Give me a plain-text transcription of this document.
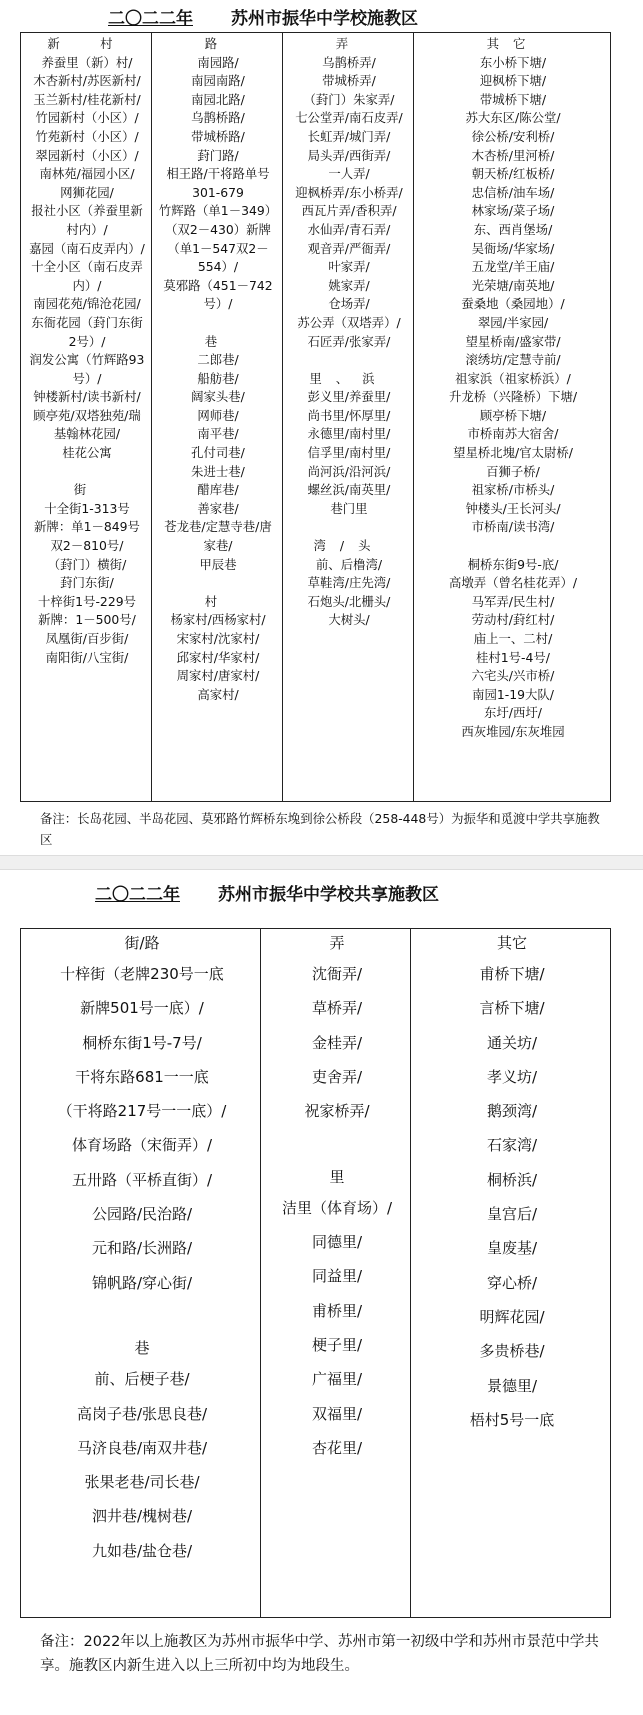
二〇二二年 苏州市振华中学校施教区
新　村
养蚕里（新）村/
木杏新村/苏医新村/
玉兰新村/桂花新村/
竹园新村（小区）/
竹苑新村（小区）/
翠园新村（小区）/
南林苑/福园小区/
网狮花园/
报社小区（养蚕里新
村内）/
嘉园（南石皮弄内）/
十全小区（南石皮弄
内）/
南园花苑/锦沧花园/
东衙花园（葑门东街
2号）/
润发公寓（竹辉路93
号）/
钟楼新村/读书新村/
顾亭苑/双塔独苑/瑞
基翰林花园/
桂花公寓
街
十全街1-313号
新牌：单1－849号
双2－810号/
（葑门）横街/
葑门东街/
十梓街1号-229号
新牌：1－500号/
凤凰街/百步街/
南阳街/八宝街/

路
南园路/
南园南路/
南园北路/
乌鹊桥路/
带城桥路/
葑门路/
相王路/干将路单号
301-679
竹辉路（单1－349）
（双2－430）新牌
（单1－547双2－
554）/
莫邪路（451－742
号）/
巷
二郎巷/
船舫巷/
阔家头巷/
网师巷/
南平巷/
孔付司巷/
朱进士巷/
醋库巷/
善家巷/
苍龙巷/定慧寺巷/唐
家巷/
甲辰巷
村
杨家村/西杨家村/
宋家村/沈家村/
邱家村/华家村/
周家村/唐家村/
高家村/

弄
乌鹊桥弄/
带城桥弄/
（葑门）朱家弄/
七公堂弄/南石皮弄/
长虹弄/城门弄/
局头弄/西街弄/
一人弄/
迎枫桥弄/东小桥弄/
西瓦片弄/香积弄/
水仙弄/青石弄/
观音弄/严衙弄/
叶家弄/
姚家弄/
仓场弄/
苏公弄（双塔弄）/
石匠弄/张家弄/
里、浜
彭义里/养蚕里/
尚书里/怀厚里/
永德里/南村里/
信孚里/南村里/
尚河浜/沿河浜/
螺丝浜/南英里/
巷门里
湾/头
前、后橹湾/
草鞋湾/庄先湾/
石炮头/北栅头/
大树头/

其它
东小桥下塘/
迎枫桥下塘/
带城桥下塘/
苏大东区/陈公堂/
徐公桥/安利桥/
木杏桥/里河桥/
朝天桥/红板桥/
忠信桥/油车场/
林家场/菜子场/
东、西肖堡场/
吴衙场/华家场/
五龙堂/羊王庙/
光荣塘/南英地/
蚕桑地（桑园地）/
翠园/半家园/
望星桥南/盛家带/
滚绣坊/定慧寺前/
祖家浜（祖家桥浜）/
升龙桥（兴隆桥）下塘/
顾亭桥下塘/
市桥南苏大宿舍/
望星桥北塊/官太尉桥/
百狮子桥/
祖家桥/市桥头/
钟楼头/王长河头/
市桥南/读书湾/
桐桥东街9号-底/
高墩弄（曾名桂花弄）/
马军弄/民生村/
劳动村/葑红村/
庙上一、二村/
桂村1号-4号/
六宅头/兴市桥/
南园1-19大队/
东圩/西圩/
西灰堆园/东灰堆园
备注：长岛花园、半岛花园、莫邪路竹辉桥东堍到徐公桥段（258-448号）为振华和觅渡中学共享施教区
二〇二二年 苏州市振华中学校共享施教区
街/路
十梓街（老牌230号一底
新牌501号一底）/
桐桥东街1号-7号/
干将东路681一一底
（干将路217号一一底）/
体育场路（宋衙弄）/
五卅路（平桥直街）/
公园路/民治路/
元和路/长洲路/
锦帆路/穿心街/
巷
前、后梗子巷/
高岗子巷/张思良巷/
马济良巷/南双井巷/
张果老巷/司长巷/
泗井巷/槐树巷/
九如巷/盐仓巷/

弄
沈衙弄/
草桥弄/
金桂弄/
吏舍弄/
祝家桥弄/
里
洁里（体育场）/
同德里/
同益里/
甫桥里/
梗子里/
广福里/
双福里/
杏花里/

其它
甫桥下塘/
言桥下塘/
通关坊/
孝义坊/
鹅颈湾/
石家湾/
桐桥浜/
皇宫后/
皇废基/
穿心桥/
明辉花园/
多贵桥巷/
景德里/
梧村5号一底
备注：2022年以上施教区为苏州市振华中学、苏州市第一初级中学和苏州市景范中学共享。施教区内新生进入以上三所初中均为地段生。
